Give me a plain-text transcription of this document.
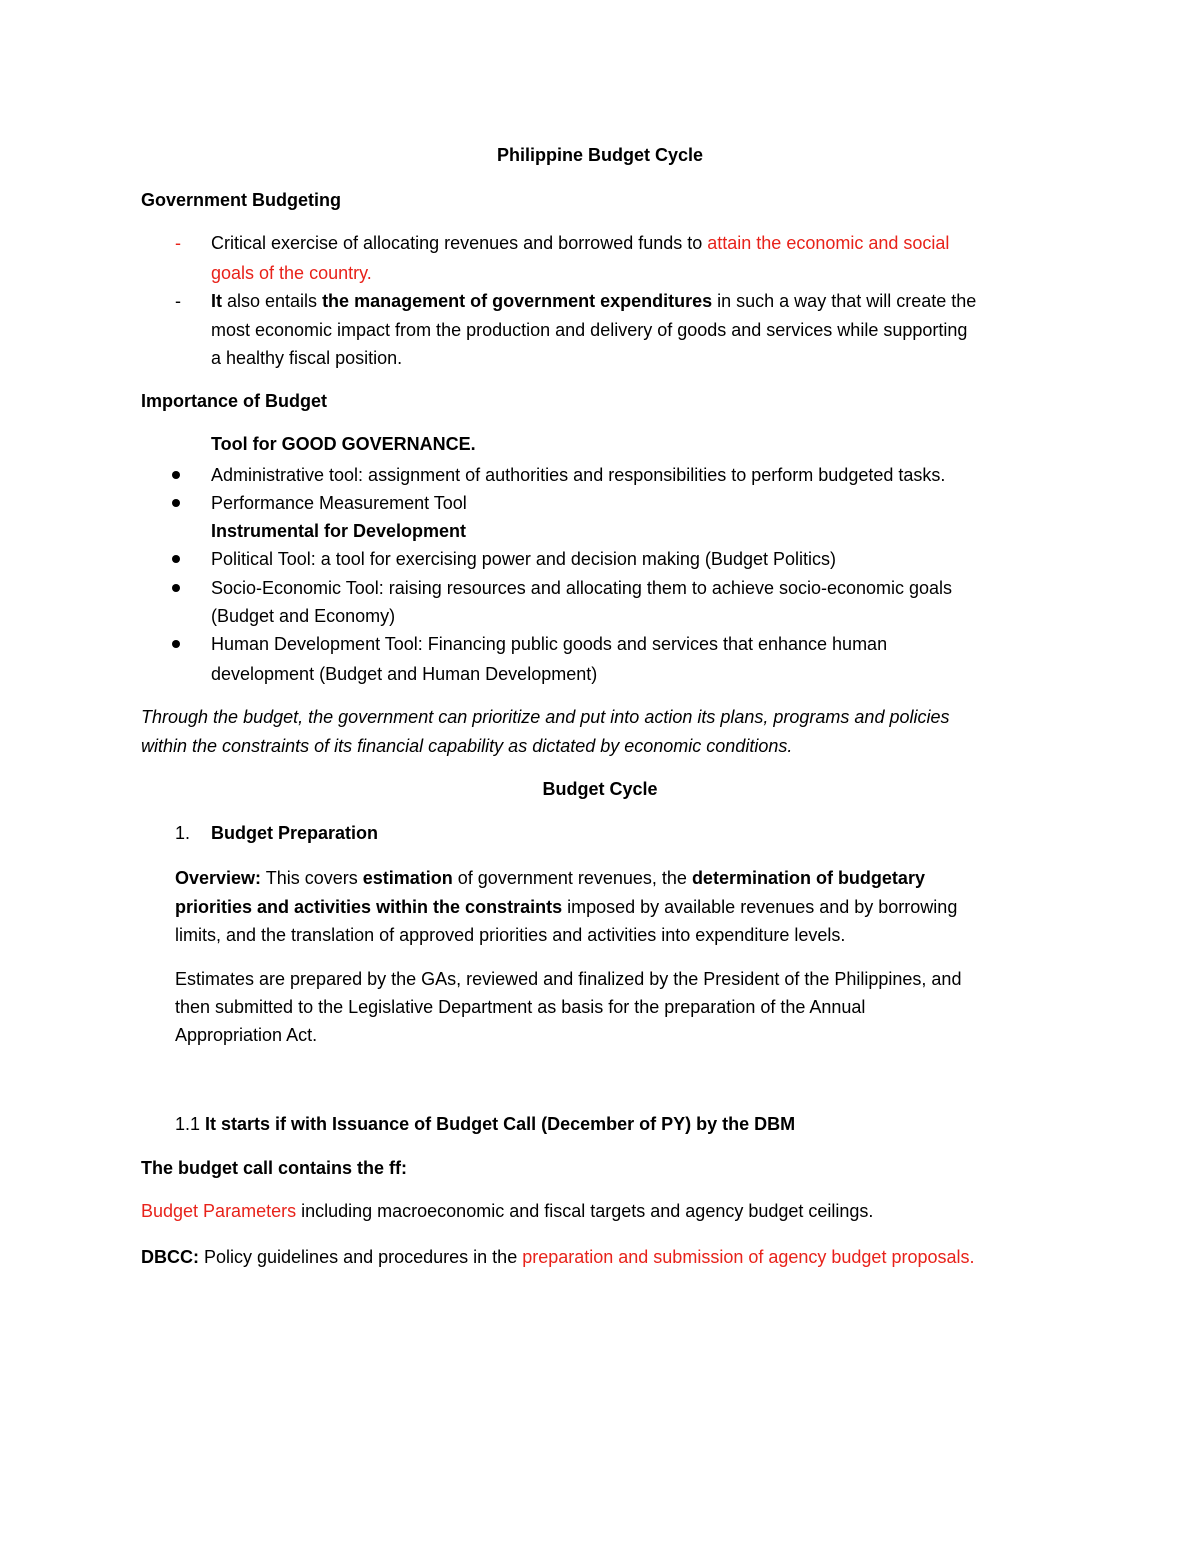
Philippine Budget Cycle
Government Budgeting
- Critical exercise of allocating revenues and borrowed funds to attain the economic and social
goals of the country.
- It also entails the management of government expenditures in such a way that will create the
most economic impact from the production and delivery of goods and services while supporting
a healthy fiscal position.
Importance of Budget
Tool for GOOD GOVERNANCE.
Administrative tool: assignment of authorities and responsibilities to perform budgeted tasks.
Performance Measurement Tool
Instrumental for Development
Political Tool: a tool for exercising power and decision making (Budget Politics)
Socio-Economic Tool: raising resources and allocating them to achieve socio-economic goals
(Budget and Economy)
Human Development Tool: Financing public goods and services that enhance human
development (Budget and Human Development)
Through the budget, the government can prioritize and put into action its plans, programs and policies
within the constraints of its financial capability as dictated by economic conditions.
Budget Cycle
1. Budget Preparation
Overview: This covers estimation of government revenues, the determination of budgetary
priorities and activities within the constraints imposed by available revenues and by borrowing
limits, and the translation of approved priorities and activities into expenditure levels.
Estimates are prepared by the GAs, reviewed and finalized by the President of the Philippines, and
then submitted to the Legislative Department as basis for the preparation of the Annual
Appropriation Act.
1.1 It starts if with Issuance of Budget Call (December of PY) by the DBM
The budget call contains the ff:
Budget Parameters including macroeconomic and fiscal targets and agency budget ceilings.
DBCC: Policy guidelines and procedures in the preparation and submission of agency budget proposals.
